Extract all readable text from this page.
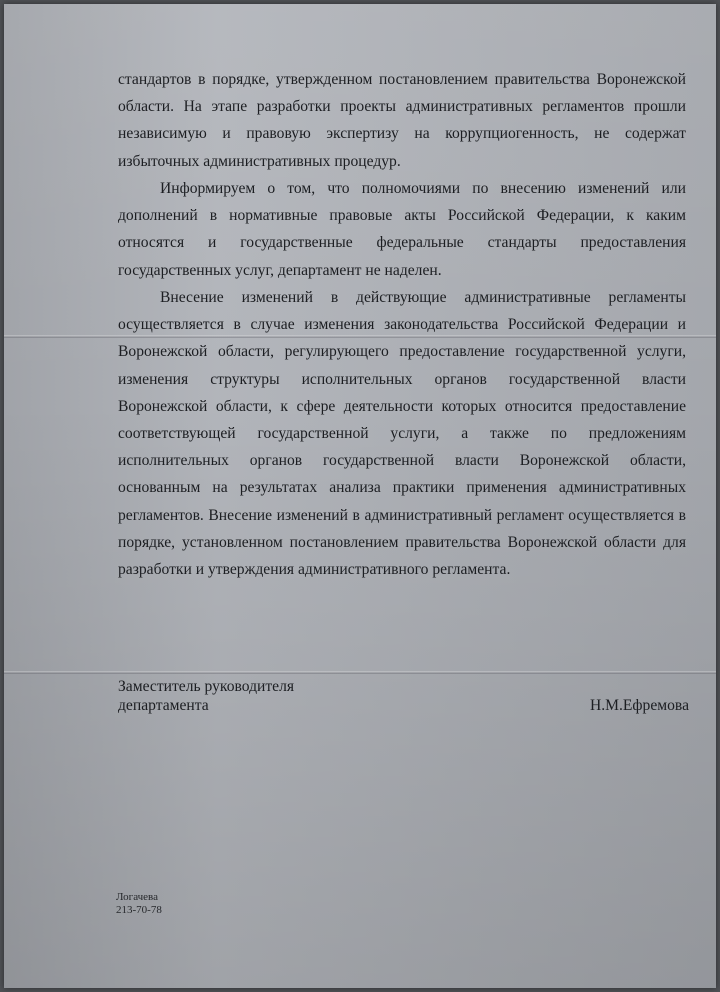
стандартов в порядке, утвержденном постановлением правительства Воронежской области. На этапе разработки проекты административных регламентов прошли независимую и правовую экспертизу на коррупциогенность, не содержат избыточных административных процедур.

Информируем о том, что полномочиями по внесению изменений или дополнений в нормативные правовые акты Российской Федерации, к каким относятся и государственные федеральные стандарты предоставления государственных услуг, департамент не наделен.

Внесение изменений в действующие административные регламенты осуществляется в случае изменения законодательства Российской Федерации и Воронежской области, регулирующего предоставление государственной услуги, изменения структуры исполнительных органов государственной власти Воронежской области, к сфере деятельности которых относится предоставление соответствующей государственной услуги, а также по предложениям исполнительных органов государственной власти Воронежской области, основанным на результатах анализа практики применения административных регламентов. Внесение изменений в административный регламент осуществляется в порядке, установленном постановлением правительства Воронежской области для разработки и утверждения административного регламента.

Заместитель руководителя
департамента	Н.М.Ефремова
Логачева
213-70-78
